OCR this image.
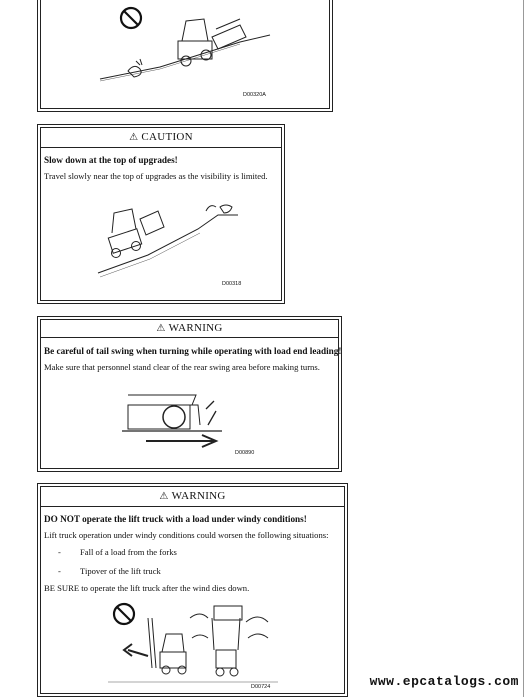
D00320A
⚠ CAUTION
Slow down at the top of upgrades!
Travel slowly near the top of upgrades as the visibility is limited.
D00318
⚠ WARNING
Be careful of tail swing when turning while operating with load end leading!
Make sure that personnel stand clear of the rear swing area before making turns.
D00890
⚠ WARNING
DO NOT operate the lift truck with a load under windy conditions!
Lift truck operation under windy conditions could worsen the following situations:
- Fall of a load from the forks
- Tipover of the lift truck
BE SURE to operate the lift truck after the wind dies down.
D00724	www.epcatalogs.com
